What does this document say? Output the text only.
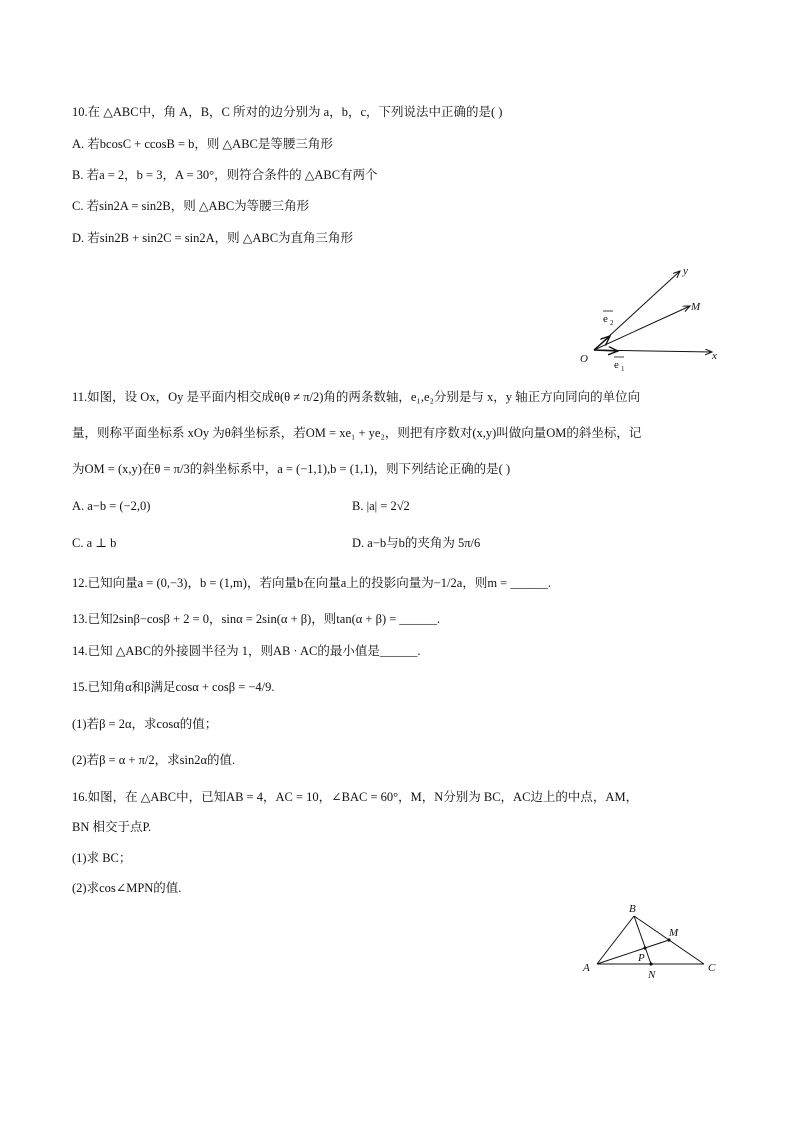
10.在 △ABC中，角 A，B，C 所对的边分别为 a，b，c，下列说法中正确的是( )
A. 若bcosC + ccosB = b，则 △ABC是等腰三角形
B. 若a = 2，b = 3，A = 30°，则符合条件的 △ABC有两个
C. 若sin2A = sin2B，则 △ABC为等腰三角形
D. 若sin2B + sin2C = sin2A，则 △ABC为直角三角形
y
M
O	x
e 2
e 1
11.如图，设 Ox，Oy 是平面内相交成θ(θ ≠ π/2)角的两条数轴，e₁,e₂分别是与 x，y 轴正方向同向的单位向
量，则称平面坐标系 xOy 为θ斜坐标系，若OM = xe₁ + ye₂，则把有序数对(x,y)叫做向量OM的斜坐标，记
为OM = (x,y)在θ = π/3的斜坐标系中，a = (−1,1),b = (1,1)，则下列结论正确的是( )
A. a−b = (−2,0)	B. |a| = 2√2
C. a ⊥ b	D. a−b与b的夹角为 5π/6
12.已知向量a = (0,−3)，b = (1,m)，若向量b在向量a上的投影向量为−1/2a，则m = ______.
13.已知2sinβ−cosβ + 2 = 0，sinα = 2sin(α + β)，则tan(α + β) = ______.
14.已知 △ABC的外接圆半径为 1，则AB · AC的最小值是______.
15.已知角α和β满足cosα + cosβ = −4/9.
(1)若β = 2α，求cosα的值；
(2)若β = α + π/2，求sin2α的值.
16.如图，在 △ABC中，已知AB = 4，AC = 10，∠BAC = 60°，M，N分别为 BC，AC边上的中点，AM，
BN 相交于点P.
(1)求 BC；
(2)求cos∠MPN的值.
B
M
P
A
N
C
